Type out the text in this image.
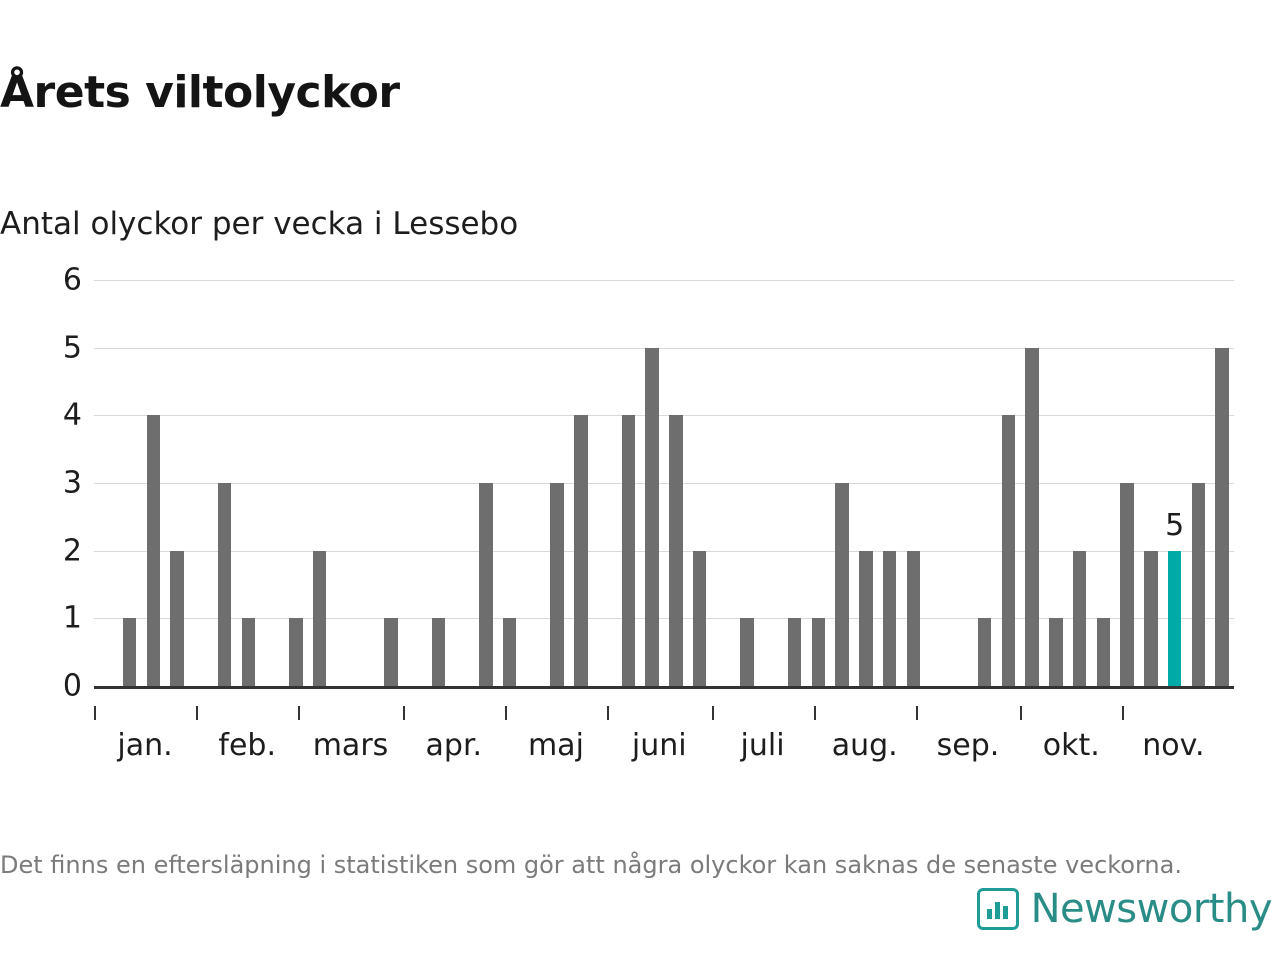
Årets viltolyckor
Antal olyckor per vecka i Lessebo
0
1
2
3
4
5
6
5
jan. feb. mars apr. maj juni juli aug. sep. okt. nov.
Det finns en eftersläpning i statistiken som gör att några olyckor kan saknas de senaste veckorna.
Newsworthy
